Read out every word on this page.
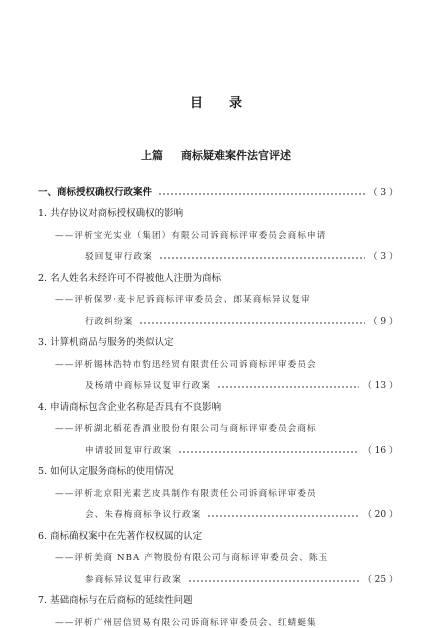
目录
上篇 商标疑难案件法官评述
一、商标授权确权行政案件	（ 3 ）
1. 共存协议对商标授权确权的影响
——评析宝光实业（集团）有限公司诉商标评审委员会商标申请
驳回复审行政案	（ 3 ）
2. 名人姓名未经许可不得被他人注册为商标
——评析保罗·麦卡尼诉商标评审委员会、郎某商标异议复审
行政纠纷案	（ 9 ）
3. 计算机商品与服务的类似认定
——评析锡林浩特市豹迅经贸有限责任公司诉商标评审委员会
及杨靖中商标异议复审行政案	（ 13 ）
4. 申请商标包含企业名称是否具有不良影响
——评析湖北稻花香酒业股份有限公司与商标评审委员会商标
申请驳回复审行政案	（ 16 ）
5. 如何认定服务商标的使用情况
——评析北京阳光素艺皮具制作有限责任公司诉商标评审委员
会、朱春梅商标争议行政案	（ 20 ）
6. 商标确权案中在先著作权权属的认定
——评析美商 NBA 产物股份有限公司与商标评审委员会、陈玉
参商标异议复审行政案	（ 25 ）
7. 基础商标与在后商标的延续性问题
——评析广州居信贸易有限公司诉商标评审委员会、红蜻蜓集
